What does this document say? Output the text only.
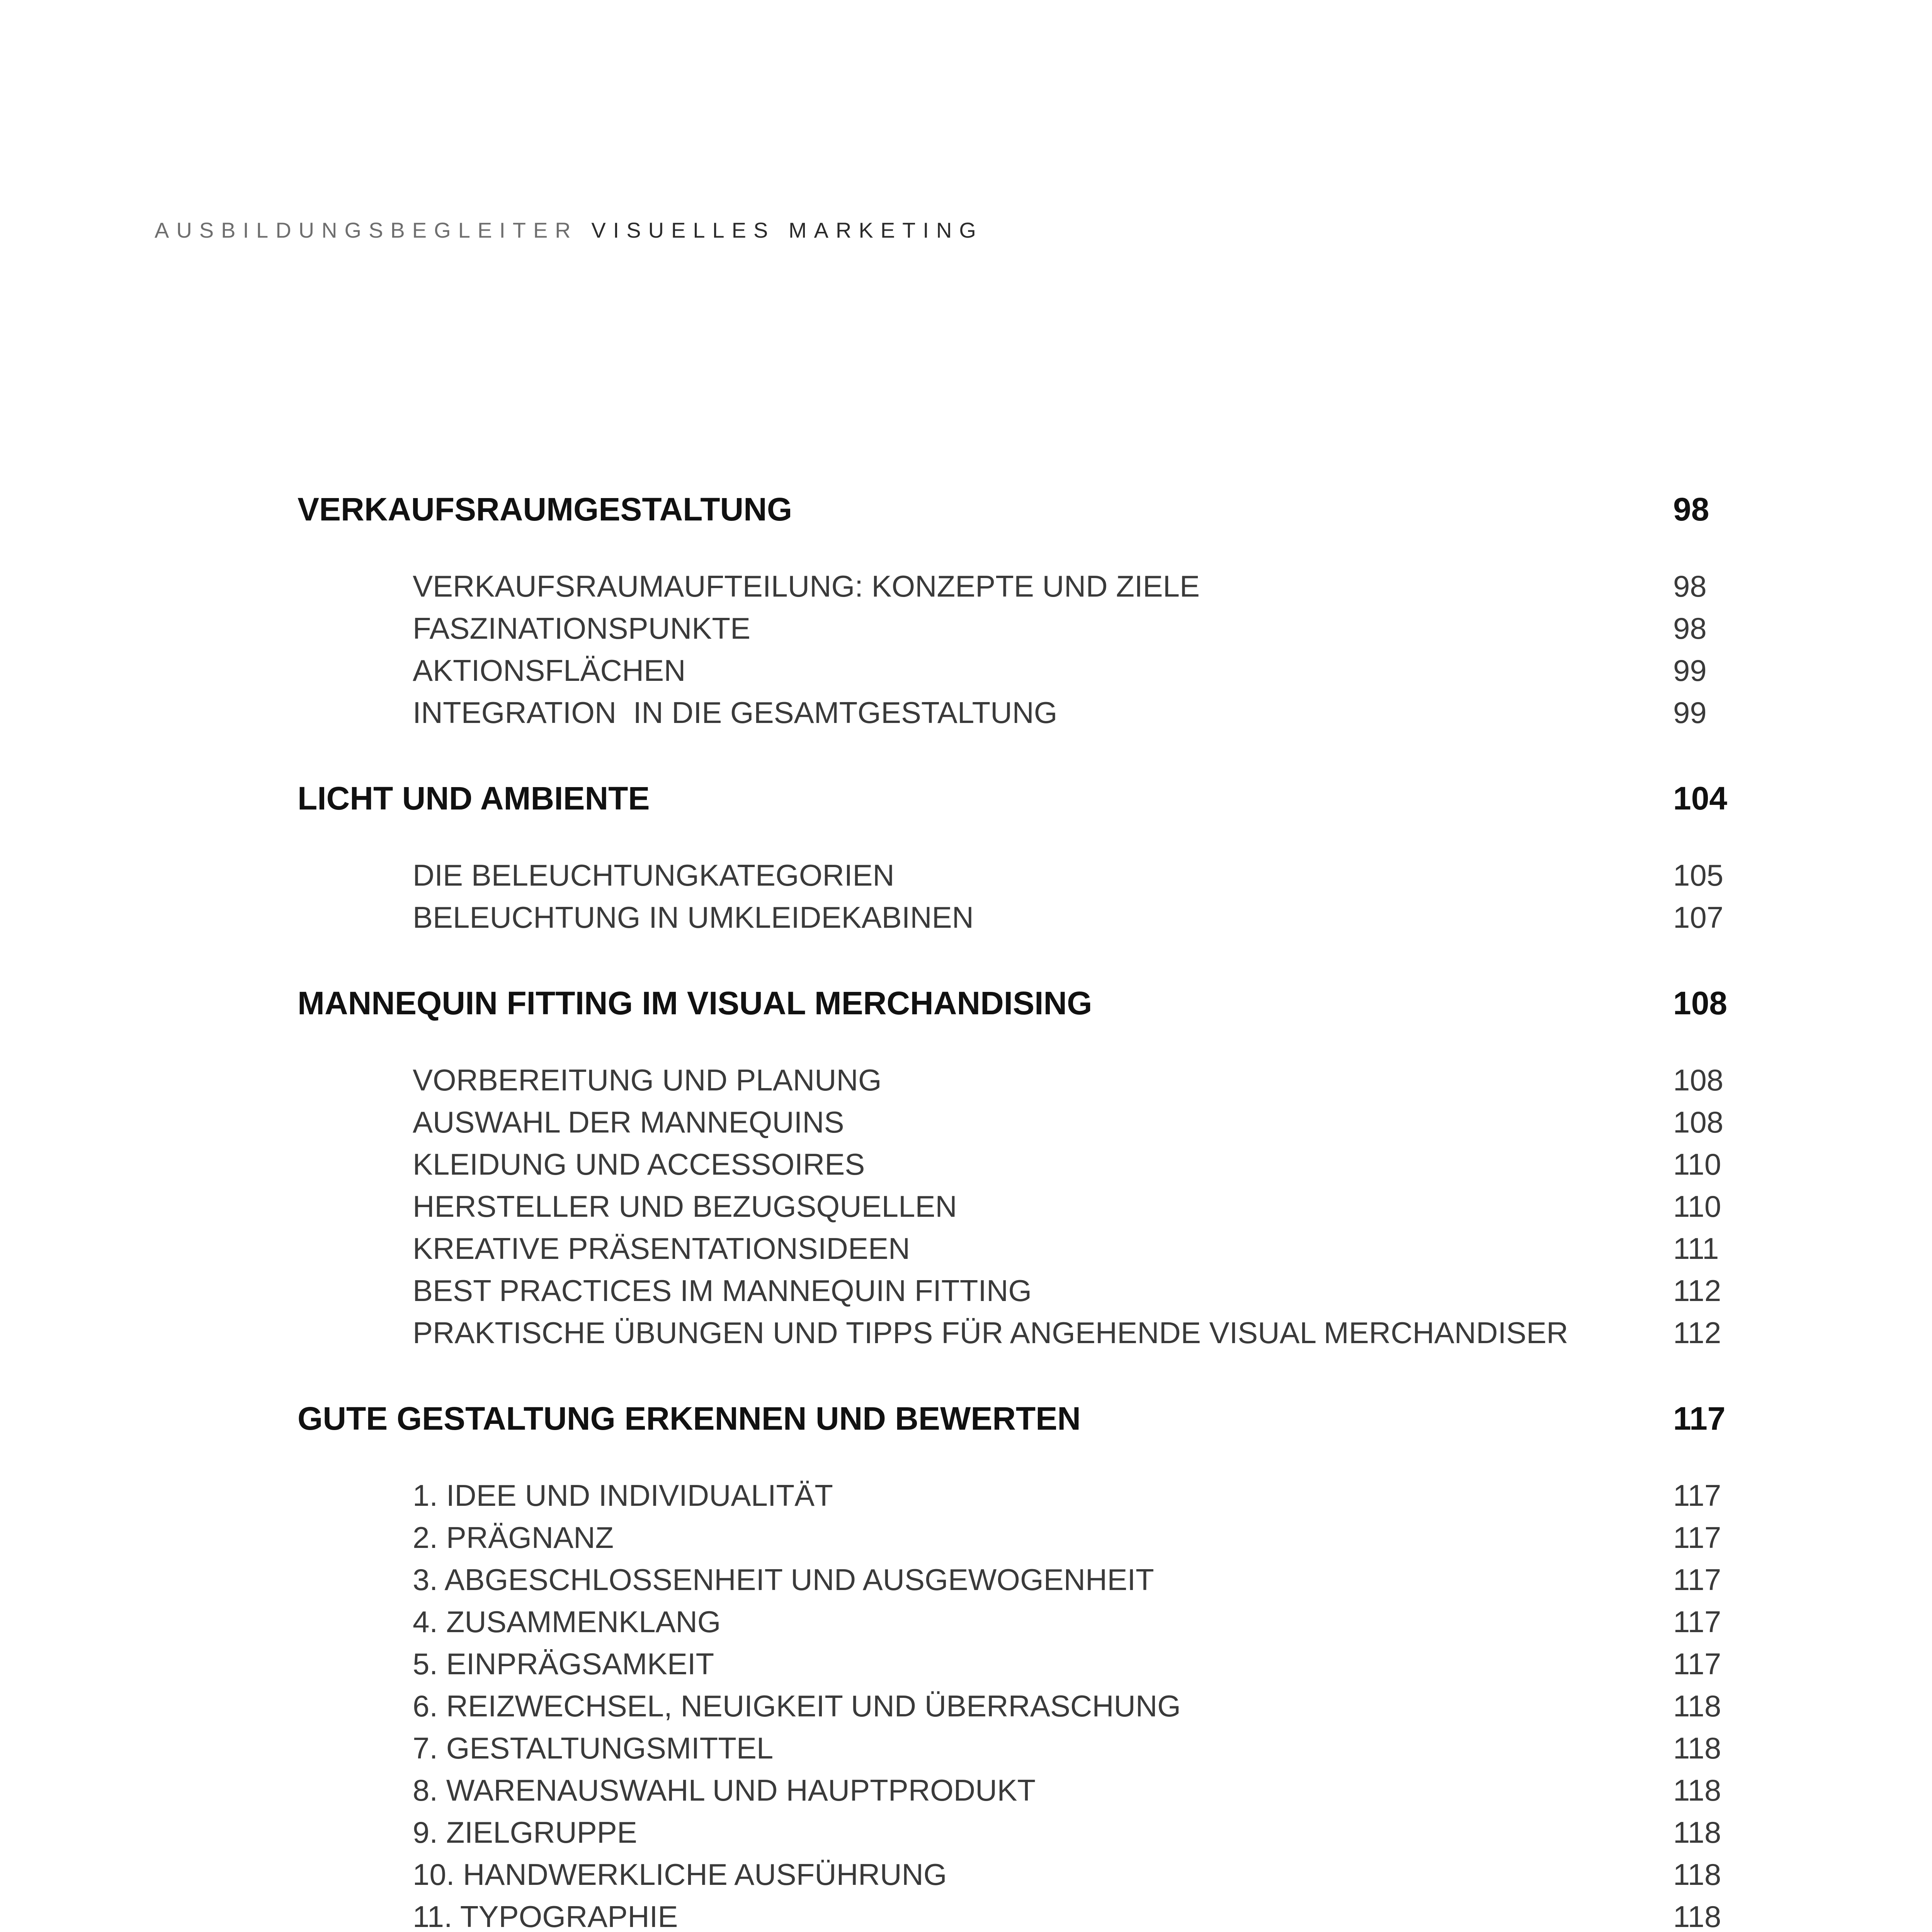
AUSBILDUNGSBEGLEITER VISUELLES MARKETING
VERKAUFSRAUMGESTALTUNG	98
VERKAUFSRAUMAUFTEILUNG: KONZEPTE UND ZIELE	98
FASZINATIONSPUNKTE	98
AKTIONSFLÄCHEN	99
INTEGRATION  IN DIE GESAMTGESTALTUNG	99
LICHT UND AMBIENTE	104
DIE BELEUCHTUNGKATEGORIEN	105
BELEUCHTUNG IN UMKLEIDEKABINEN	107
MANNEQUIN FITTING IM VISUAL MERCHANDISING	108
VORBEREITUNG UND PLANUNG	108
AUSWAHL DER MANNEQUINS	108
KLEIDUNG UND ACCESSOIRES	110
HERSTELLER UND BEZUGSQUELLEN	110
KREATIVE PRÄSENTATIONSIDEEN	111
BEST PRACTICES IM MANNEQUIN FITTING	112
PRAKTISCHE ÜBUNGEN UND TIPPS FÜR ANGEHENDE VISUAL MERCHANDISER	112
GUTE GESTALTUNG ERKENNEN UND BEWERTEN	117
1. IDEE UND INDIVIDUALITÄT	117
2. PRÄGNANZ	117
3. ABGESCHLOSSENHEIT UND AUSGEWOGENHEIT	117
4. ZUSAMMENKLANG	117
5. EINPRÄGSAMKEIT	117
6. REIZWECHSEL, NEUIGKEIT UND ÜBERRASCHUNG	118
7. GESTALTUNGSMITTEL	118
8. WARENAUSWAHL UND HAUPTPRODUKT	118
9. ZIELGRUPPE	118
10. HANDWERKLICHE AUSFÜHRUNG	118
11. TYPOGRAPHIE	118
